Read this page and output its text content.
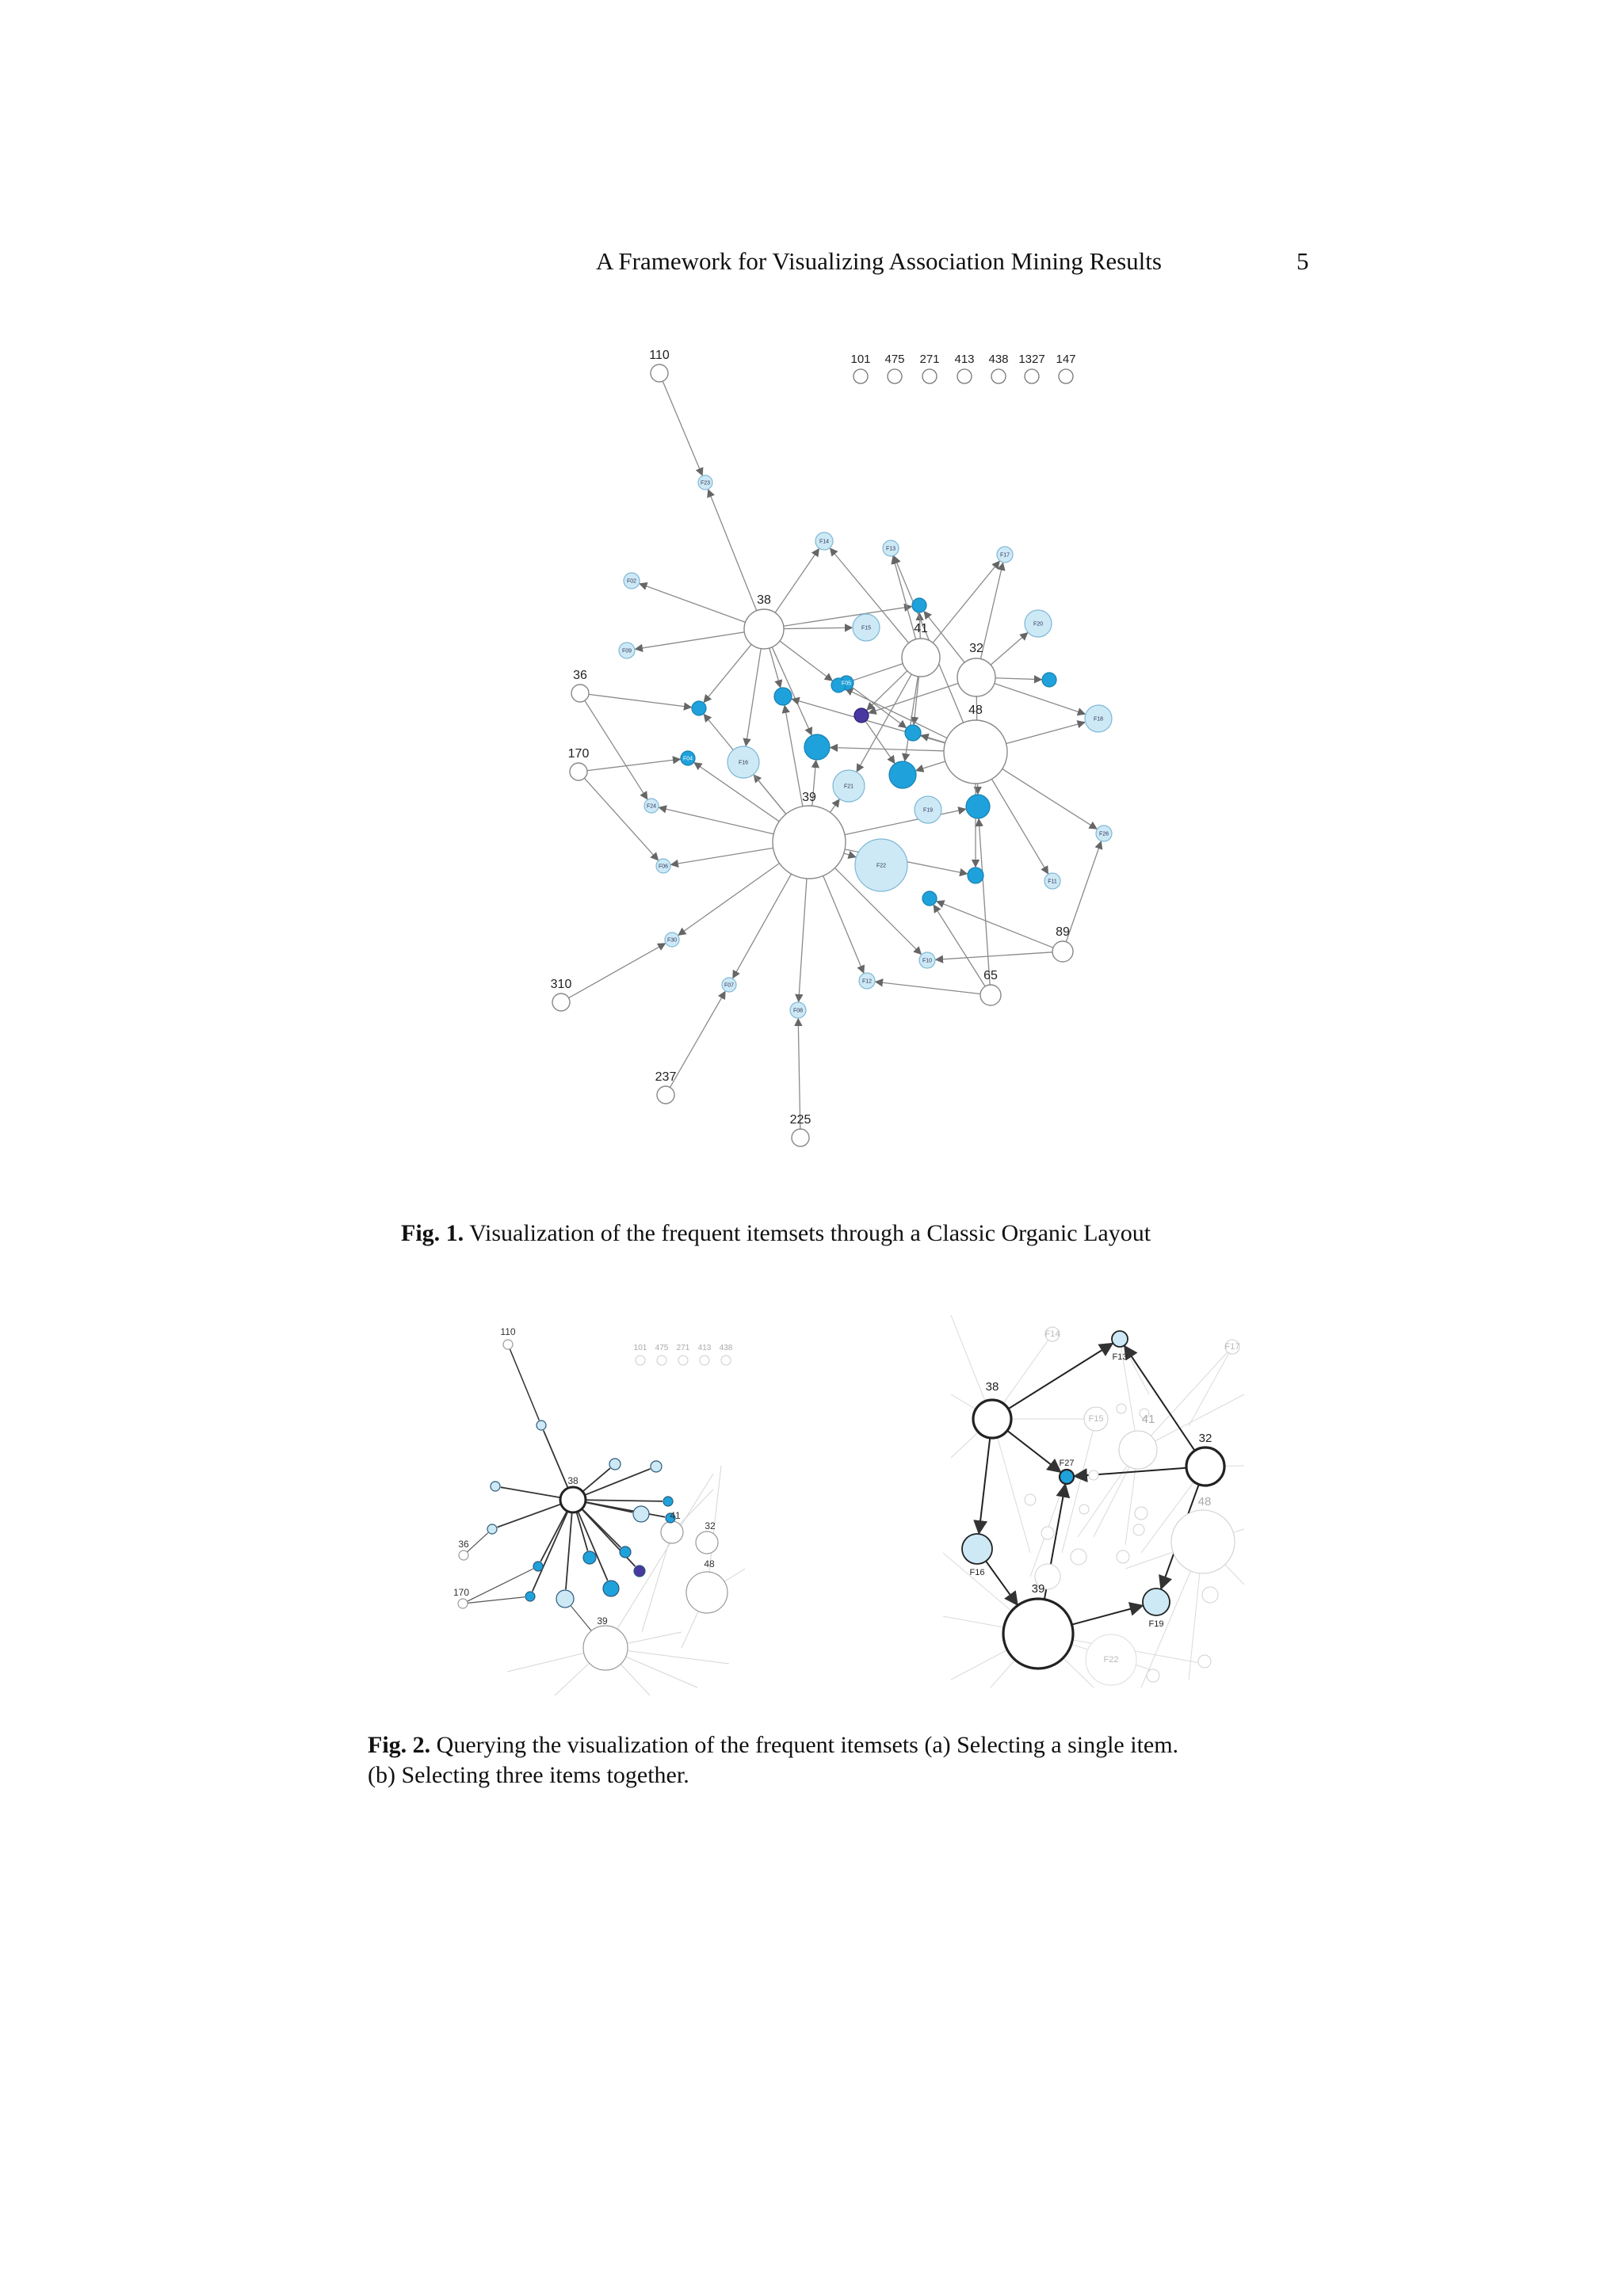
A Framework for Visualizing Association Mining Results	5
101 475 271 413 438 1327 147
110
38
36
170
41
32
48
39
89
65
310
237
225
F23
F14
F13
F17
F02
F15
F09
F20
F16
F18
F19
F21
F22
F24
F26
F30
F07
F08
F12
F10
F11
F06
F05
F04
Fig. 1. Visualization of the frequent itemsets through a Classic Organic Layout
101 475 271 413 438
110
38
36
170
41
32
48
39
38
41
32
48
39
F13
F27
F16
F19
F14
F17
F15
F22
Fig. 2. Querying the visualization of the frequent itemsets (a) Selecting a single item.
(b) Selecting three items together.
